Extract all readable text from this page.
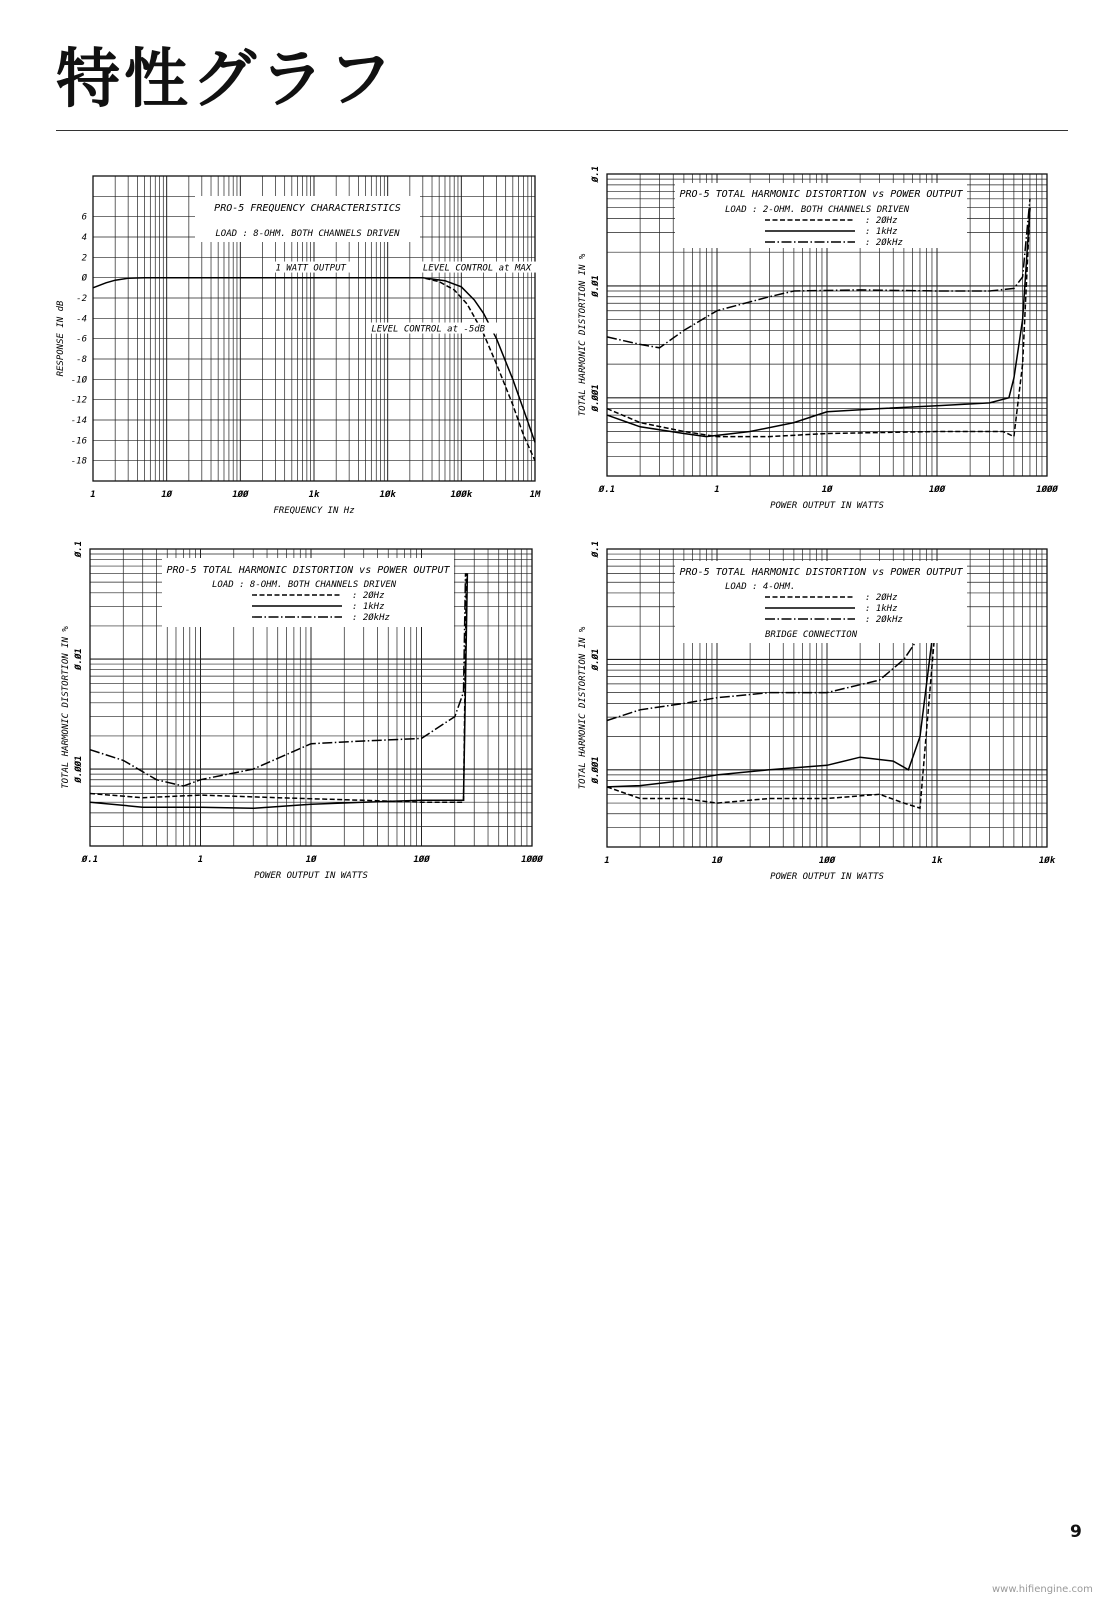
特性グラフ
PRO-5 FREQUENCY CHARACTERISTICS
LOAD : 8-OHM. BOTH CHANNELS DRIVEN
1 WATT OUTPUT	LEVEL CONTROL at MAX
LEVEL CONTROL at -5dB
1	1Ø	1ØØ	1k	1Øk	1ØØk	1M
6
4
2
Ø
-2
-4
-6
-8
-1Ø
-12
-14
-16
-18
FREQUENCY IN Hz
RESPONSE IN dB
PRO-5 TOTAL HARMONIC DISTORTION vs POWER OUTPUT
LOAD : 2-OHM. BOTH CHANNELS DRIVEN
: 2ØHz
: 1kHz
: 2ØkHz
Ø.1	1	1Ø	1ØØ	1ØØØ
Ø.1
Ø.Ø1
Ø.ØØ1
POWER OUTPUT IN WATTS
TOTAL HARMONIC DISTORTION IN %
PRO-5 TOTAL HARMONIC DISTORTION vs POWER OUTPUT
LOAD : 8-OHM. BOTH CHANNELS DRIVEN
: 2ØHz
: 1kHz
: 2ØkHz
Ø.1	1	1Ø	1ØØ	1ØØØ
Ø.1
Ø.Ø1
Ø.ØØ1
POWER OUTPUT IN WATTS
TOTAL HARMONIC DISTORTION IN %
PRO-5 TOTAL HARMONIC DISTORTION vs POWER OUTPUT
LOAD : 4-OHM.
: 2ØHz
: 1kHz
: 2ØkHz
BRIDGE CONNECTION
1	1Ø	1ØØ	1k	1Øk
Ø.1
Ø.Ø1
Ø.ØØ1
POWER OUTPUT IN WATTS
TOTAL HARMONIC DISTORTION IN %
9
www.hifiengine.com
